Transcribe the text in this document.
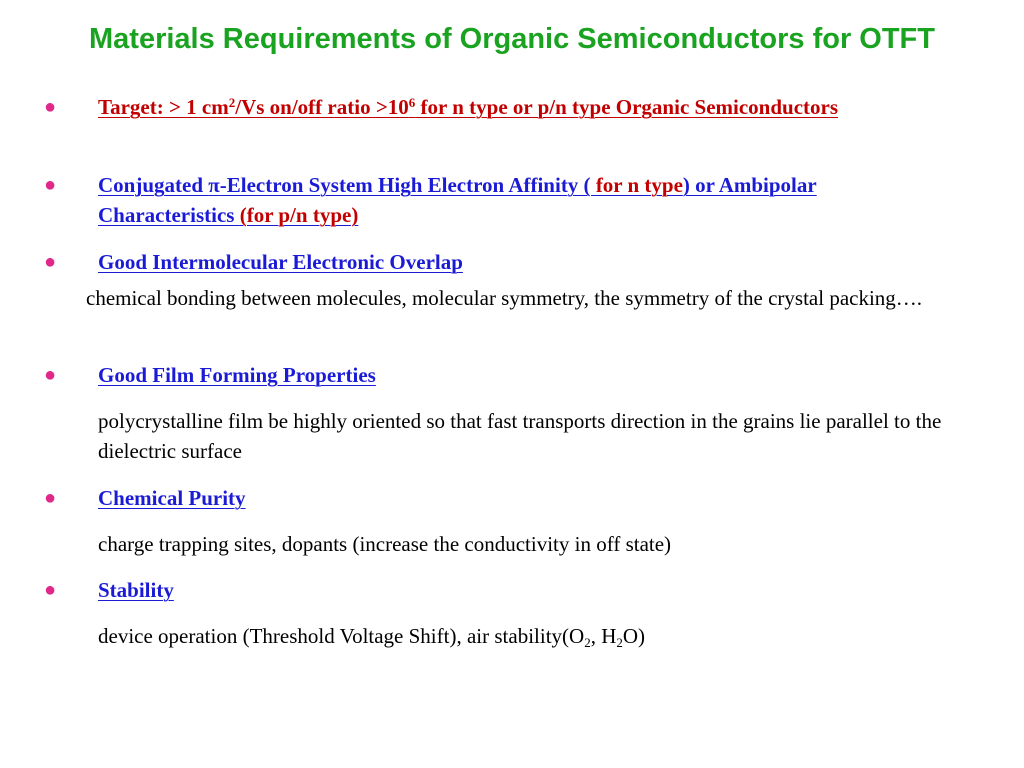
Materials Requirements of Organic Semiconductors for OTFT
● Target: > 1 $cm^2/Vs$ on/off ratio $>10^6$ for n type or p/n type Organic Semiconductors
● Conjugated π-Electron System High Electron Affinity ( for n type) or Ambipolar Characteristics (for p/n type)
● Good Intermolecular Electronic Overlap
chemical bonding between molecules, molecular symmetry, the symmetry of the crystal packing….
● Good Film Forming Properties
polycrystalline film be highly oriented so that fast transports direction in the grains lie parallel to the dielectric surface
● Chemical Purity
charge trapping sites, dopants (increase the conductivity in off state)
● Stability
device operation (Threshold Voltage Shift), air $stability(O_2$, $H_2O$)
